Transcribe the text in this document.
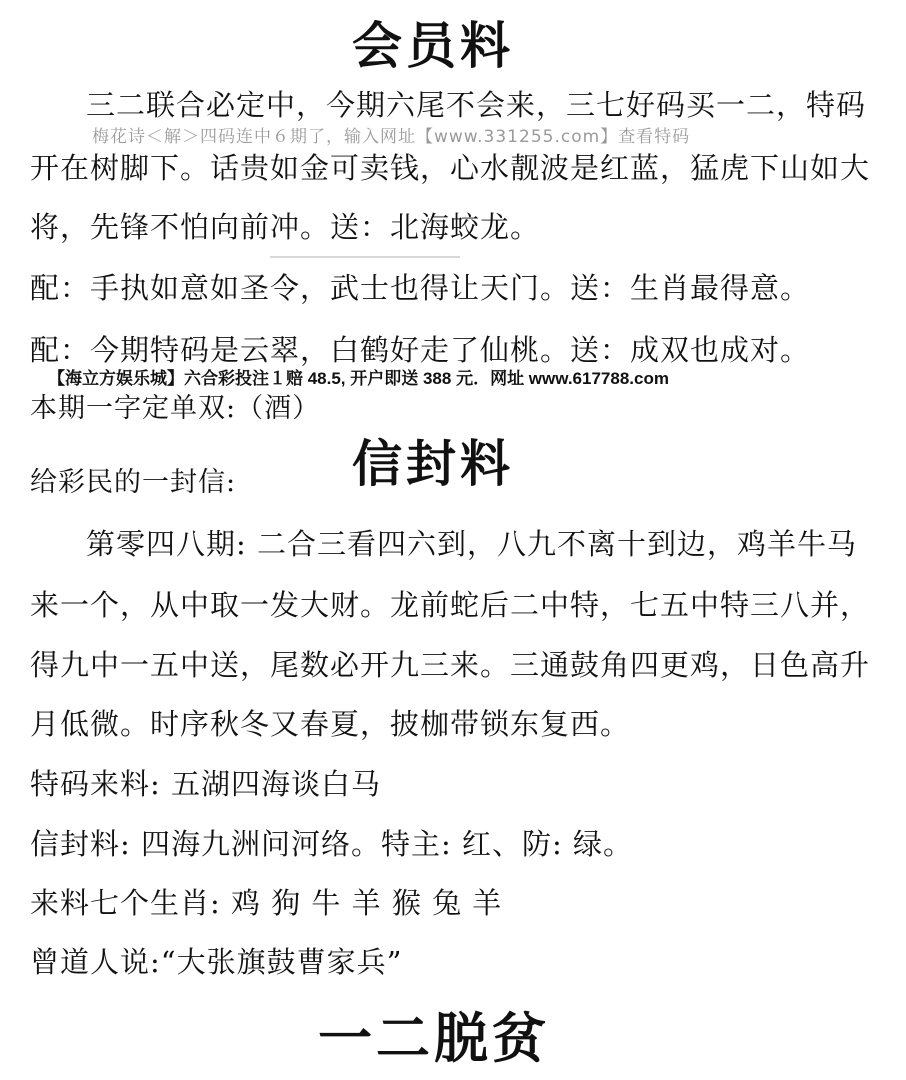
会员料
三二联合必定中，今期六尾不会来，三七好码买一二，特码
梅花诗＜解＞四码连中６期了，输入网址【www.331255.com】查看特码
开在树脚下。话贵如金可卖钱，心水靓波是红蓝，猛虎下山如大
将，先锋不怕向前冲。送：北海蛟龙。
配：手执如意如圣令，武士也得让天门。送：生肖最得意。
配：今期特码是云翠，白鹤好走了仙桃。送：成双也成对。
【海立方娱乐城】六合彩投注１赔 48.5, 开户即送 388 元．网址 www.617788.com
本期一字定单双:（酒）
信封料
给彩民的一封信:
第零四八期: 二合三看四六到，八九不离十到边，鸡羊牛马
来一个，从中取一发大财。龙前蛇后二中特，七五中特三八并，
得九中一五中送，尾数必开九三来。三通鼓角四更鸡，日色高升
月低微。时序秋冬又春夏，披枷带锁东复西。
特码来料: 五湖四海谈白马
信封料: 四海九洲问河络。特主: 红、防: 绿。
来料七个生肖: 鸡 狗 牛 羊 猴 兔 羊
曾道人说:“大张旗鼓曹家兵”
一二脱贫
